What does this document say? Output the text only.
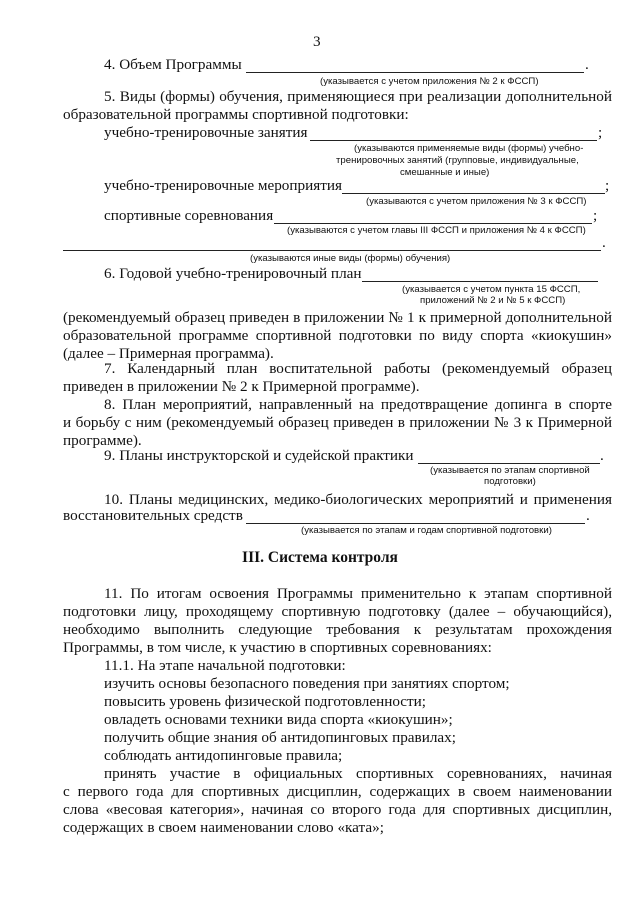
3
4. Объем Программы	.
(указывается с учетом приложения № 2 к ФССП)
5. Виды (формы) обучения, применяющиеся при реализации дополнительной
образовательной программы спортивной подготовки:
учебно-тренировочные занятия	;
(указываются применяемые виды (формы) учебно-
тренировочных занятий (групповые, индивидуальные,
смешанные и иные)
учебно-тренировочные мероприятия	;
(указываются с учетом приложения № 3 к ФССП)
спортивные соревнования	;
(указываются с учетом главы III ФССП и приложения № 4 к ФССП)
.
(указываются иные виды (формы) обучения)
6. Годовой учебно-тренировочный план
(указывается с учетом пункта 15 ФССП,
приложений № 2 и № 5 к ФССП)
(рекомендуемый образец приведен в приложении № 1 к примерной дополнительной
образовательной программе спортивной подготовки по виду спорта «киокушин»
(далее – Примерная программа).
7. Календарный план воспитательной работы (рекомендуемый образец
приведен в приложении № 2 к Примерной программе).
8. План мероприятий, направленный на предотвращение допинга в спорте
и борьбу с ним (рекомендуемый образец приведен в приложении № 3 к Примерной
программе).
9. Планы инструкторской и судейской практики	.
(указывается по этапам спортивной
подготовки)
10. Планы медицинских, медико-биологических мероприятий и применения
восстановительных средств	.
(указывается по этапам и годам спортивной подготовки)
III. Система контроля
11. По итогам освоения Программы применительно к этапам спортивной
подготовки лицу, проходящему спортивную подготовку (далее – обучающийся),
необходимо выполнить следующие требования к результатам прохождения
Программы, в том числе, к участию в спортивных соревнованиях:
11.1. На этапе начальной подготовки:
изучить основы безопасного поведения при занятиях спортом;
повысить уровень физической подготовленности;
овладеть основами техники вида спорта «киокушин»;
получить общие знания об антидопинговых правилах;
соблюдать антидопинговые правила;
принять участие в официальных спортивных соревнованиях, начиная
с первого года для спортивных дисциплин, содержащих в своем наименовании
слова «весовая категория», начиная со второго года для спортивных дисциплин,
содержащих в своем наименовании слово «ката»;
